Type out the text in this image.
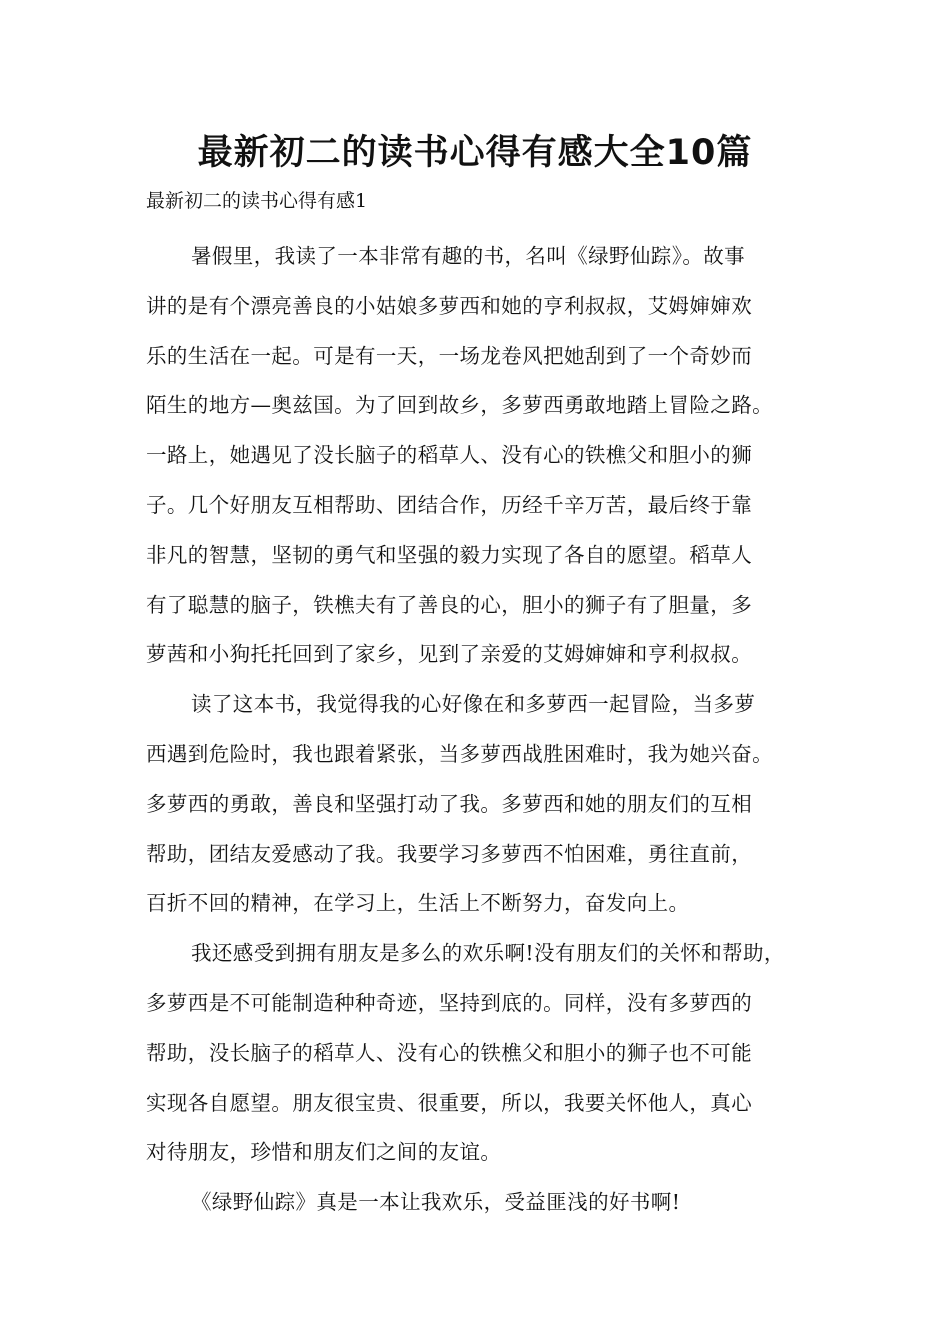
最新初二的读书心得有感大全10篇
最新初二的读书心得有感1
暑假里，我读了一本非常有趣的书，名叫《绿野仙踪》。故事
讲的是有个漂亮善良的小姑娘多萝西和她的亨利叔叔，艾姆婶婶欢
乐的生活在一起。可是有一天，一场龙卷风把她刮到了一个奇妙而
陌生的地方—奥兹国。为了回到故乡，多萝西勇敢地踏上冒险之路。
一路上，她遇见了没长脑子的稻草人、没有心的铁樵父和胆小的狮
子。几个好朋友互相帮助、团结合作，历经千辛万苦，最后终于靠
非凡的智慧，坚韧的勇气和坚强的毅力实现了各自的愿望。稻草人
有了聪慧的脑子，铁樵夫有了善良的心，胆小的狮子有了胆量，多
萝茜和小狗托托回到了家乡，见到了亲爱的艾姆婶婶和亨利叔叔。
读了这本书，我觉得我的心好像在和多萝西一起冒险，当多萝
西遇到危险时，我也跟着紧张，当多萝西战胜困难时，我为她兴奋。
多萝西的勇敢，善良和坚强打动了我。多萝西和她的朋友们的互相
帮助，团结友爱感动了我。我要学习多萝西不怕困难，勇往直前，
百折不回的精神，在学习上，生活上不断努力，奋发向上。
我还感受到拥有朋友是多么的欢乐啊!没有朋友们的关怀和帮助，
多萝西是不可能制造种种奇迹，坚持到底的。同样，没有多萝西的
帮助，没长脑子的稻草人、没有心的铁樵父和胆小的狮子也不可能
实现各自愿望。朋友很宝贵、很重要，所以，我要关怀他人，真心
对待朋友，珍惜和朋友们之间的友谊。
《绿野仙踪》真是一本让我欢乐，受益匪浅的好书啊!
